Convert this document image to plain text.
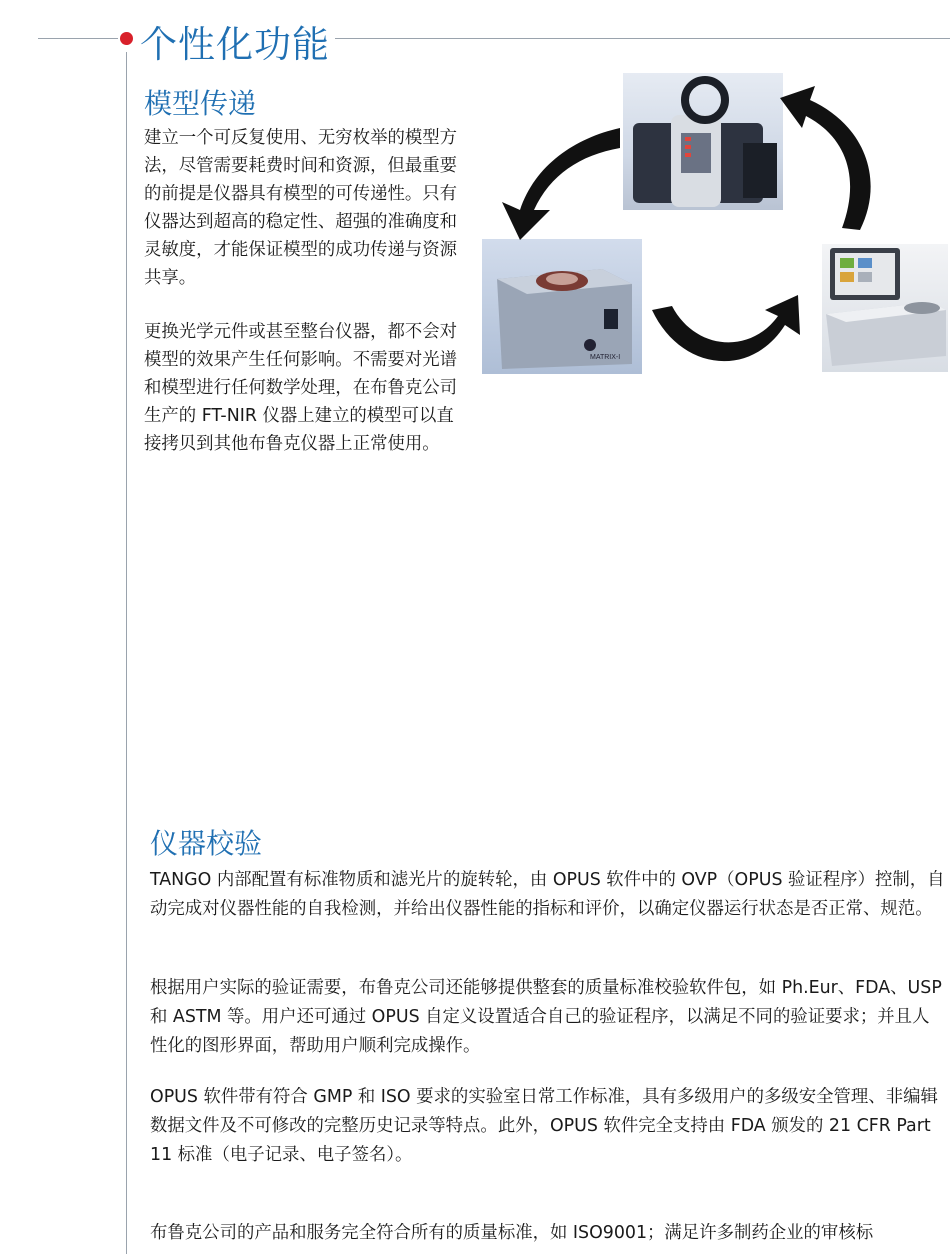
个性化功能
模型传递

建立一个可反复使用、无穷枚举的模型方法，尽管需要耗费时间和资源，但最重要的前提是仪器具有模型的可传递性。只有仪器达到超高的稳定性、超强的准确度和灵敏度，才能保证模型的成功传递与资源共享。

更换光学元件或甚至整台仪器，都不会对模型的效果产生任何影响。不需要对光谱和模型进行任何数学处理，在布鲁克公司生产的 FT-NIR 仪器上建立的模型可以直接拷贝到其他布鲁克仪器上正常使用。

MATRIX-I
仪器校验

TANGO 内部配置有标准物质和滤光片的旋转轮，由 OPUS 软件中的 OVP（OPUS 验证程序）控制，自动完成对仪器性能的自我检测，并给出仪器性能的指标和评价，以确定仪器运行状态是否正常、规范。

根据用户实际的验证需要，布鲁克公司还能够提供整套的质量标准校验软件包，如 Ph.Eur、FDA、USP 和 ASTM 等。用户还可通过 OPUS 自定义设置适合自己的验证程序，以满足不同的验证要求；并且人性化的图形界面，帮助用户顺利完成操作。

OPUS 软件带有符合 GMP 和 ISO 要求的实验室日常工作标准，具有多级用户的多级安全管理、非编辑数据文件及不可修改的完整历史记录等特点。此外，OPUS 软件完全支持由 FDA 颁发的 21 CFR Part 11 标准（电子记录、电子签名）。

布鲁克公司的产品和服务完全符合所有的质量标准，如 ISO9001；满足许多制药企业的审核标
